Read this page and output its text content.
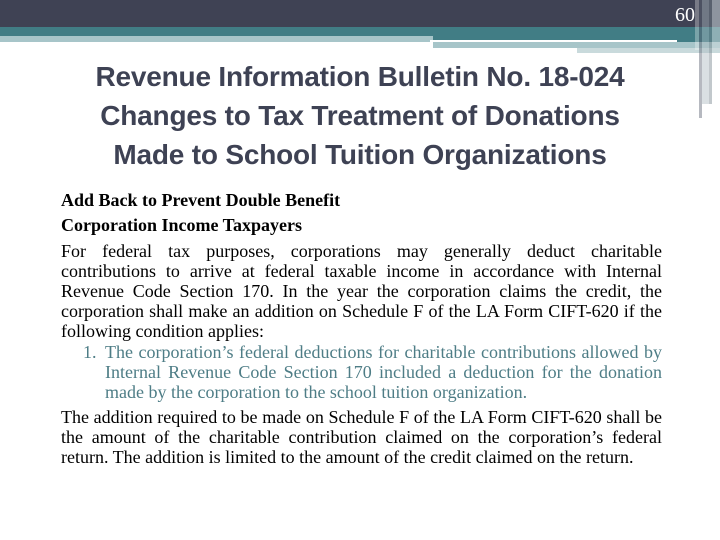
60
Revenue Information Bulletin No. 18-024
Changes to Tax Treatment of Donations
Made to School Tuition Organizations

Add Back to Prevent Double Benefit

Corporation Income Taxpayers

For federal tax purposes, corporations may generally deduct charitable contributions to arrive at federal taxable income in accordance with Internal Revenue Code Section 170. In the year the corporation claims the credit, the corporation shall make an addition on Schedule F of the LA Form CIFT-620 if the following condition applies:

1. The corporation’s federal deductions for charitable contributions allowed by Internal Revenue Code Section 170 included a deduction for the donation made by the corporation to the school tuition organization.

The addition required to be made on Schedule F of the LA Form CIFT-620 shall be the amount of the charitable contribution claimed on the corporation’s federal return. The addition is limited to the amount of the credit claimed on the return.
